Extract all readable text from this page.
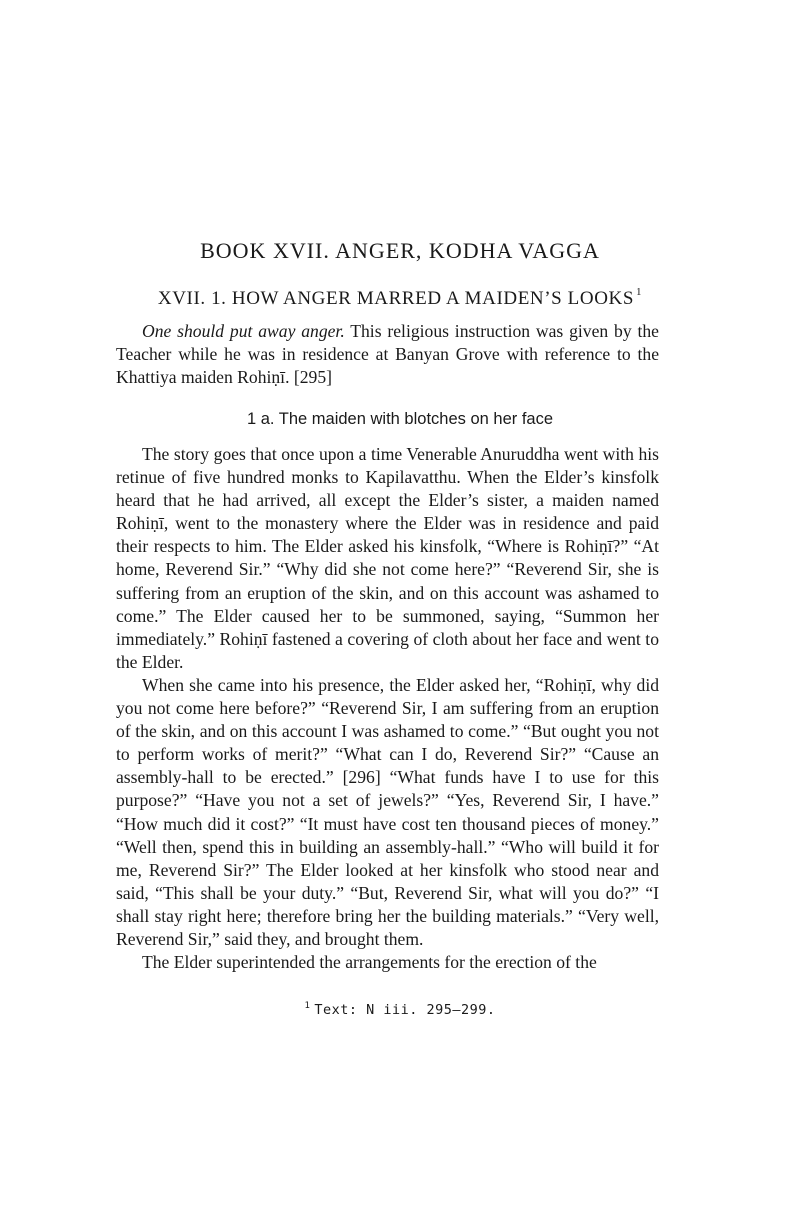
BOOK XVII. ANGER, KODHA VAGGA
XVII. 1. HOW ANGER MARRED A MAIDEN’S LOOKS $^1$

One should put away anger. This religious instruction was given by the Teacher while he was in residence at Banyan Grove with reference to the Khattiya maiden Rohiṇī. [295]

1 a. The maiden with blotches on her face

The story goes that once upon a time Venerable Anuruddha went with his retinue of five hundred monks to Kapilavatthu. When the Elder’s kinsfolk heard that he had arrived, all except the Elder’s sister, a maiden named Rohiṇī, went to the monastery where the Elder was in residence and paid their respects to him. The Elder asked his kinsfolk, “Where is Rohiṇī?” “At home, Reverend Sir.” “Why did she not come here?” “Reverend Sir, she is suffering from an eruption of the skin, and on this account was ashamed to come.” The Elder caused her to be summoned, saying, “Summon her immediately.” Rohiṇī fastened a covering of cloth about her face and went to the Elder.

When she came into his presence, the Elder asked her, “Rohiṇī, why did you not come here before?” “Reverend Sir, I am suffering from an eruption of the skin, and on this account I was ashamed to come.” “But ought you not to perform works of merit?” “What can I do, Reverend Sir?” “Cause an assembly-hall to be erected.” [296] “What funds have I to use for this purpose?” “Have you not a set of jewels?” “Yes, Reverend Sir, I have.” “How much did it cost?” “It must have cost ten thousand pieces of money.” “Well then, spend this in building an assembly-hall.” “Who will build it for me, Reverend Sir?” The Elder looked at her kinsfolk who stood near and said, “This shall be your duty.” “But, Reverend Sir, what will you do?” “I shall stay right here; therefore bring her the building materials.” “Very well, Reverend Sir,” said they, and brought them.

The Elder superintended the arrangements for the erection of the

$^1$ Text: N iii. 295–299.
